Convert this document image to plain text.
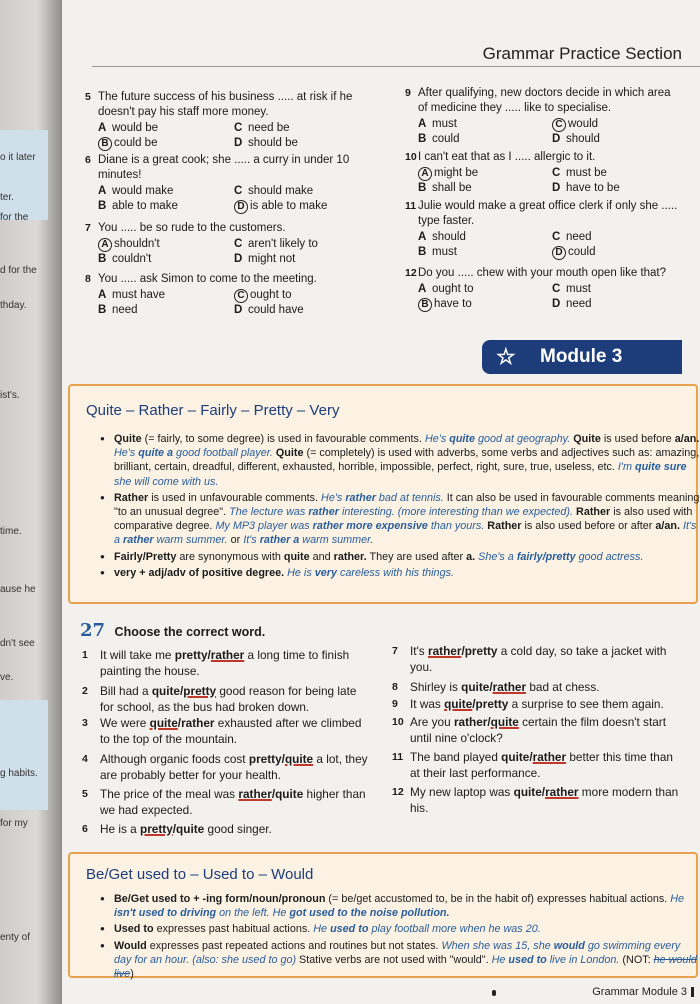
o it later
ter.
for the
d for the
thday.
ist's.
time.
ause he
dn't see
ve.
g habits.
for my
enty of
Grammar Practice Section
5 The future success of his business ..... at risk if he doesn't pay his staff more money.
A would be	C need be
B could be	D should be
6 Diane is a great cook; she ..... a curry in under 10 minutes!
A would make	C should make
B able to make	D is able to make
7 You ..... be so rude to the customers.
A shouldn't	C aren't likely to
B couldn't	D might not
8 You ..... ask Simon to come to the meeting.
A must have	C ought to
B need	D could have
9 After qualifying, new doctors decide in which area of medicine they ..... like to specialise.
A must	C would
B could	D should
10 I can't eat that as I ..... allergic to it.
A might be	C must be
B shall be	D have to be
11 Julie would make a great office clerk if only she ..... type faster.
A should	C need
B must	D could
12 Do you ..... chew with your mouth open like that?
A ought to	C must
B have to	D need
☆ Module 3
Quite – Rather – Fairly – Pretty – Very
● Quite (= fairly, to some degree) is used in favourable comments. He's quite good at geography. Quite is used before a/an. He's quite a good football player. Quite (= completely) is used with adverbs, some verbs and adjectives such as: amazing, brilliant, certain, dreadful, different, exhausted, horrible, impossible, perfect, right, sure, true, useless, etc. I'm quite sure she will come with us.
● Rather is used in unfavourable comments. He's rather bad at tennis. It can also be used in favourable comments meaning "to an unusual degree". The lecture was rather interesting. (more interesting than we expected). Rather is also used with comparative degree. My MP3 player was rather more expensive than yours. Rather is also used before or after a/an. It's a rather warm summer. or It's rather a warm summer.
● Fairly/Pretty are synonymous with quite and rather. They are used after a. She's a fairly/pretty good actress.
● very + adj/adv of positive degree. He is very careless with his things.
27 Choose the correct word.
1 It will take me pretty/rather a long time to finish painting the house.
2 Bill had a quite/pretty good reason for being late for school, as the bus had broken down.
3 We were quite/rather exhausted after we climbed to the top of the mountain.
4 Although organic foods cost pretty/quite a lot, they are probably better for your health.
5 The price of the meal was rather/quite higher than we had expected.
6 He is a pretty/quite good singer.
7 It's rather/pretty a cold day, so take a jacket with you.
8 Shirley is quite/rather bad at chess.
9 It was quite/pretty a surprise to see them again.
10 Are you rather/quite certain the film doesn't start until nine o'clock?
11 The band played quite/rather better this time than at their last performance.
12 My new laptop was quite/rather more modern than his.
Be/Get used to – Used to – Would
● Be/Get used to + -ing form/noun/pronoun (= be/get accustomed to, be in the habit of) expresses habitual actions. He isn't used to driving on the left. He got used to the noise pollution.
● Used to expresses past habitual actions. He used to play football more when he was 20.
● Would expresses past repeated actions and routines but not states. When she was 15, she would go swimming every day for an hour. (also: she used to go) Stative verbs are not used with "would". He used to live in London. (NOT: he would live)
Grammar Module 3
